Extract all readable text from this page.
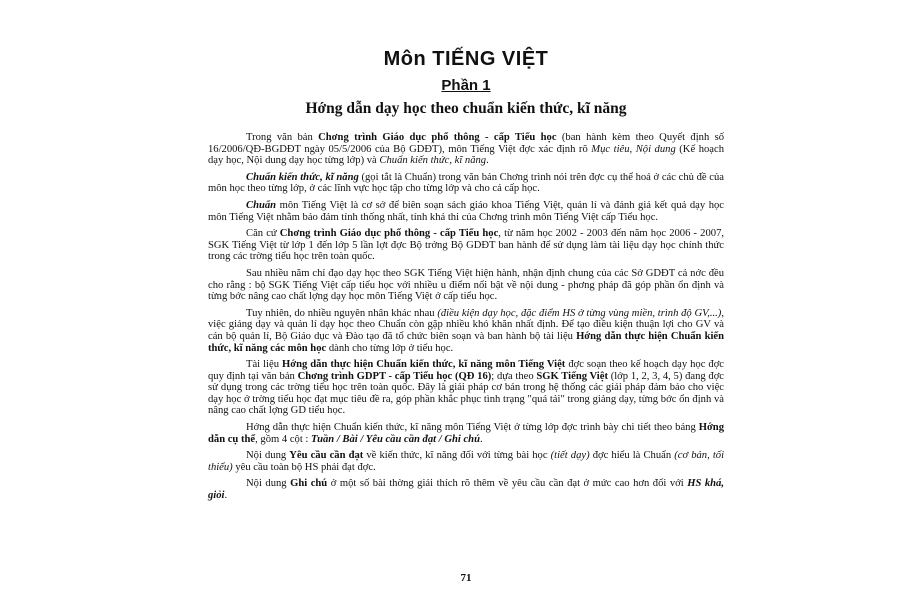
Môn TIẾNG VIỆT
Phần 1
Hớng dẫn dạy học theo chuẩn kiến thức, kĩ năng

Trong văn bản Chơng trình Giáo dục phổ thông - cấp Tiểu học (ban hành kèm theo Quyết định số 16/2006/QĐ-BGDĐT ngày 05/5/2006 của Bộ GDĐT), môn Tiếng Việt đợc xác định rõ Mục tiêu, Nội dung (Kế hoạch dạy học, Nội dung dạy học từng lớp) và Chuẩn kiến thức, kĩ năng.

Chuẩn kiến thức, kĩ năng (gọi tắt là Chuẩn) trong văn bản Chơng trình nói trên đợc cụ thể hoá ở các chủ đề của môn học theo từng lớp, ở các lĩnh vực học tập cho từng lớp và cho cả cấp học.

Chuẩn môn Tiếng Việt là cơ sở để biên soạn sách giáo khoa Tiếng Việt, quản lí và đánh giá kết quả dạy học môn Tiếng Việt nhằm bảo đảm tính thống nhất, tính khả thi của Chơng trình môn Tiếng Việt cấp Tiểu học.

Căn cứ Chơng trình Giáo dục phổ thông - cấp Tiểu học, từ năm học 2002 - 2003 đến năm học 2006 - 2007, SGK Tiếng Việt từ lớp 1 đến lớp 5 lần lợt đợc Bộ trởng Bộ GDĐT ban hành để sử dụng làm tài liệu dạy học chính thức trong các trờng tiểu học trên toàn quốc.

Sau nhiều năm chỉ đạo dạy học theo SGK Tiếng Việt hiện hành, nhận định chung của các Sở GDĐT cả nớc đều cho rằng : bộ SGK Tiếng Việt cấp tiểu học với nhiều u điểm nổi bật về nội dung - phơng pháp đã góp phần ổn định và từng bớc nâng cao chất lợng dạy học môn Tiếng Việt ở cấp tiểu học.

Tuy nhiên, do nhiều nguyên nhân khác nhau (điều kiện dạy học, đặc điểm HS ở từng vùng miền, trình độ GV,...), việc giảng dạy và quản lí dạy học theo Chuẩn còn gặp nhiều khó khăn nhất định. Để tạo điều kiện thuận lợi cho GV và cán bộ quản lí, Bộ Giáo dục và Đào tạo đã tổ chức biên soạn và ban hành bộ tài liệu Hớng dẫn thực hiện Chuẩn kiến thức, kĩ năng các môn học dành cho từng lớp ở tiểu học.

Tài liệu Hớng dẫn thực hiện Chuẩn kiến thức, kĩ năng môn Tiếng Việt đợc soạn theo kế hoạch dạy học đợc quy định tại văn bản Chơng trình GDPT - cấp Tiểu học (QĐ 16); dựa theo SGK Tiếng Việt (lớp 1, 2, 3, 4, 5) đang đợc sử dụng trong các trờng tiểu học trên toàn quốc. Đây là giải pháp cơ bản trong hệ thống các giải pháp đảm bảo cho việc dạy học ở trờng tiểu học đạt mục tiêu đề ra, góp phần khắc phục tình trạng "quá tải" trong giảng dạy, từng bớc ổn định và nâng cao chất lợng GD tiểu học.

Hớng dẫn thực hiện Chuẩn kiến thức, kĩ năng môn Tiếng Việt ở từng lớp đợc trình bày chi tiết theo bảng Hớng dẫn cụ thể, gồm 4 cột : Tuần / Bài / Yêu cầu cần đạt / Ghi chú.

Nội dung Yêu cầu cần đạt về kiến thức, kĩ năng đối với từng bài học (tiết dạy) đợc hiểu là Chuẩn (cơ bản, tối thiểu) yêu cầu toàn bộ HS phải đạt đợc.

Nội dung Ghi chú ở một số bài thờng giải thích rõ thêm về yêu cầu cần đạt ở mức cao hơn đối với HS khá, giỏi.

71
